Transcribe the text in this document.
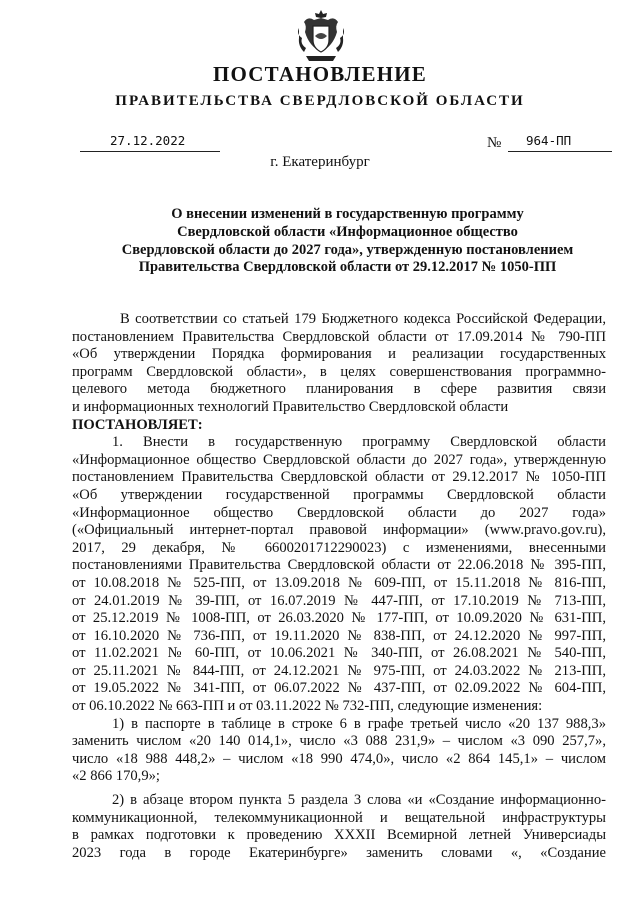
ПОСТАНОВЛЕНИЕ
ПРАВИТЕЛЬСТВА СВЕРДЛОВСКОЙ ОБЛАСТИ
27.12.2022	№ 964-ПП
г. Екатеринбург
О внесении изменений в государственную программу
Свердловской области «Информационное общество
Свердловской области до 2027 года», утвержденную постановлением
Правительства Свердловской области от 29.12.2017 № 1050-ПП
В соответствии со статьей 179 Бюджетного кодекса Российской Федерации,
постановлением Правительства Свердловской области от 17.09.2014 № 790-ПП
«Об утверждении Порядка формирования и реализации государственных
программ Свердловской области», в целях совершенствования программно-
целевого метода бюджетного планирования в сфере развития связи
и информационных технологий Правительство Свердловской области
ПОСТАНОВЛЯЕТ:
1. Внести в государственную программу Свердловской области
«Информационное общество Свердловской области до 2027 года», утвержденную
постановлением Правительства Свердловской области от 29.12.2017 № 1050-ПП
«Об утверждении государственной программы Свердловской области
«Информационное общество Свердловской области до 2027 года»
(«Официальный интернет-портал правовой информации» (www.pravo.gov.ru),
2017, 29 декабря, № 6600201712290023) с изменениями, внесенными
постановлениями Правительства Свердловской области от 22.06.2018 № 395-ПП,
от 10.08.2018 № 525-ПП, от 13.09.2018 № 609-ПП, от 15.11.2018 № 816-ПП,
от 24.01.2019 № 39-ПП, от 16.07.2019 № 447-ПП, от 17.10.2019 № 713-ПП,
от 25.12.2019 № 1008-ПП, от 26.03.2020 № 177-ПП, от 10.09.2020 № 631-ПП,
от 16.10.2020 № 736-ПП, от 19.11.2020 № 838-ПП, от 24.12.2020 № 997-ПП,
от 11.02.2021 № 60-ПП, от 10.06.2021 № 340-ПП, от 26.08.2021 № 540-ПП,
от 25.11.2021 № 844-ПП, от 24.12.2021 № 975-ПП, от 24.03.2022 № 213-ПП,
от 19.05.2022 № 341-ПП, от 06.07.2022 № 437-ПП, от 02.09.2022 № 604-ПП,
от 06.10.2022 № 663-ПП и от 03.11.2022 № 732-ПП, следующие изменения:
1) в паспорте в таблице в строке 6 в графе третьей число «20 137 988,3»
заменить числом «20 140 014,1», число «3 088 231,9» – числом «3 090 257,7»,
число «18 988 448,2» – числом «18 990 474,0», число «2 864 145,1» – числом
«2 866 170,9»;
2) в абзаце втором пункта 5 раздела 3 слова «и «Создание информационно-
коммуникационной, телекоммуникационной и вещательной инфраструктуры
в рамках подготовки к проведению XXXII Всемирной летней Универсиады
2023 года в городе Екатеринбурге» заменить словами «, «Создание
